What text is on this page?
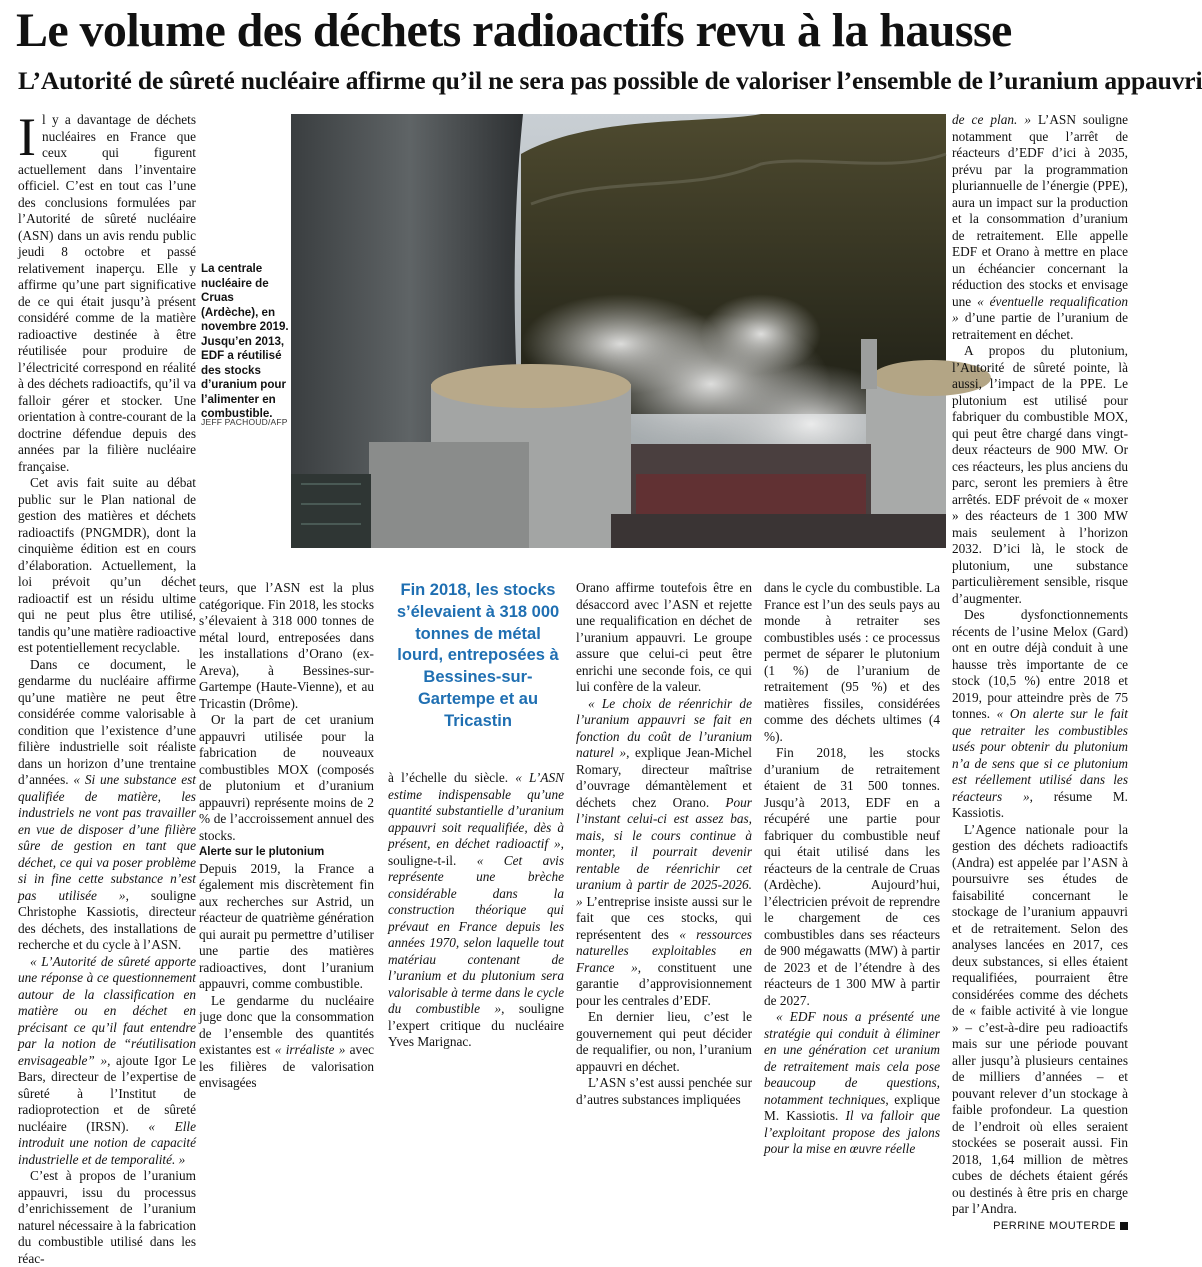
Le volume des déchets radioactifs revu à la hausse
L’Autorité de sûreté nucléaire affirme qu’il ne sera pas possible de valoriser l’ensemble de l’uranium appauvri

Il y a davantage de déchets nucléaires en France que ceux qui figurent actuellement dans l’inventaire officiel. C’est en tout cas l’une des conclusions formulées par l’Autorité de sûreté nucléaire (ASN) dans un avis rendu public jeudi 8 octobre et passé relativement inaperçu. Elle y affirme qu’une part significative de ce qui était jusqu’à présent considéré comme de la matière radioactive destinée à être réutilisée pour produire de l’électricité correspond en réalité à des déchets radioactifs, qu’il va falloir gérer et stocker. Une orientation à contre-courant de la doctrine défendue depuis des années par la filière nucléaire française.

Cet avis fait suite au débat public sur le Plan national de gestion des matières et déchets radioactifs (PNGMDR), dont la cinquième édition est en cours d’élaboration. Actuellement, la loi prévoit qu’un déchet radioactif est un résidu ultime qui ne peut plus être utilisé, tandis qu’une matière radioactive est potentiellement recyclable.

Dans ce document, le gendarme du nucléaire affirme qu’une matière ne peut être considérée comme valorisable à condition que l’existence d’une filière industrielle soit réaliste dans un horizon d’une trentaine d’années. « Si une substance est qualifiée de matière, les industriels ne vont pas travailler en vue de disposer d’une filière sûre de gestion en tant que déchet, ce qui va poser problème si in fine cette substance n’est pas utilisée », souligne Christophe Kassiotis, directeur des déchets, des installations de recherche et du cycle à l’ASN.

« L’Autorité de sûreté apporte une réponse à ce questionnement autour de la classification en matière ou en déchet en précisant ce qu’il faut entendre par la notion de “réutilisation envisageable” », ajoute Igor Le Bars, directeur de l’expertise de sûreté à l’Institut de radioprotection et de sûreté nucléaire (IRSN). « Elle introduit une notion de capacité industrielle et de temporalité. »

C’est à propos de l’uranium appauvri, issu du processus d’enrichissement de l’uranium naturel nécessaire à la fabrication du combustible utilisé dans les réac-

La centrale nucléaire de Cruas (Ardèche), en novembre 2019. Jusqu’en 2013, EDF a réutilisé des stocks d’uranium pour l’alimenter en combustible.
JEFF PACHOUD/AFP

teurs, que l’ASN est la plus catégorique. Fin 2018, les stocks s’élevaient à 318 000 tonnes de métal lourd, entreposées dans les installations d’Orano (ex-Areva), à Bessines-sur-Gartempe (Haute-Vienne), et au Tricastin (Drôme).

Or la part de cet uranium appauvri utilisée pour la fabrication de nouveaux combustibles MOX (composés de plutonium et d’uranium appauvri) représente moins de 2 % de l’accroissement annuel des stocks.

Alerte sur le plutonium

Depuis 2019, la France a également mis discrètement fin aux recherches sur Astrid, un réacteur de quatrième génération qui aurait pu permettre d’utiliser une partie des matières radioactives, dont l’uranium appauvri, comme combustible.

Le gendarme du nucléaire juge donc que la consommation de l’ensemble des quantités existantes est « irréaliste » avec les filières de valorisation envisagées

Fin 2018, les stocks s’élevaient à 318 000 tonnes de métal lourd, entreposées à Bessines-sur-Gartempe et au Tricastin

à l’échelle du siècle. « L’ASN estime indispensable qu’une quantité substantielle d’uranium appauvri soit requalifiée, dès à présent, en déchet radioactif », souligne-t-il. « Cet avis représente une brèche considérable dans la construction théorique qui prévaut en France depuis les années 1970, selon laquelle tout matériau contenant de l’uranium et du plutonium sera valorisable à terme dans le cycle du combustible », souligne l’expert critique du nucléaire Yves Marignac.

Orano affirme toutefois être en désaccord avec l’ASN et rejette une requalification en déchet de l’uranium appauvri. Le groupe assure que celui-ci peut être enrichi une seconde fois, ce qui lui confère de la valeur.

« Le choix de réenrichir de l’uranium appauvri se fait en fonction du coût de l’uranium naturel », explique Jean-Michel Romary, directeur maîtrise d’ouvrage démantèlement et déchets chez Orano. Pour l’instant celui-ci est assez bas, mais, si le cours continue à monter, il pourrait devenir rentable de réenrichir cet uranium à partir de 2025-2026. » L’entreprise insiste aussi sur le fait que ces stocks, qui représentent des « ressources naturelles exploitables en France », constituent une garantie d’approvisionnement pour les centrales d’EDF.

En dernier lieu, c’est le gouvernement qui peut décider de requalifier, ou non, l’uranium appauvri en déchet.

L’ASN s’est aussi penchée sur d’autres substances impliquées

dans le cycle du combustible. La France est l’un des seuls pays au monde à retraiter ses combustibles usés : ce processus permet de séparer le plutonium (1 %) de l’uranium de retraitement (95 %) et des matières fissiles, considérées comme des déchets ultimes (4 %).

Fin 2018, les stocks d’uranium de retraitement étaient de 31 500 tonnes. Jusqu’à 2013, EDF en a récupéré une partie pour fabriquer du combustible neuf qui était utilisé dans les réacteurs de la centrale de Cruas (Ardèche). Aujourd’hui, l’électricien prévoit de reprendre le chargement de ces combustibles dans ses réacteurs de 900 mégawatts (MW) à partir de 2023 et de l’étendre à des réacteurs de 1 300 MW à partir de 2027.

« EDF nous a présenté une stratégie qui conduit à éliminer en une génération cet uranium de retraitement mais cela pose beaucoup de questions, notamment techniques, explique M. Kassiotis. Il va falloir que l’exploitant propose des jalons pour la mise en œuvre réelle

de ce plan. » L’ASN souligne notamment que l’arrêt de réacteurs d’EDF d’ici à 2035, prévu par la programmation pluriannuelle de l’énergie (PPE), aura un impact sur la production et la consommation d’uranium de retraitement. Elle appelle EDF et Orano à mettre en place un échéancier concernant la réduction des stocks et envisage une « éventuelle requalification » d’une partie de l’uranium de retraitement en déchet.

A propos du plutonium, l’Autorité de sûreté pointe, là aussi, l’impact de la PPE. Le plutonium est utilisé pour fabriquer du combustible MOX, qui peut être chargé dans vingt-deux réacteurs de 900 MW. Or ces réacteurs, les plus anciens du parc, seront les premiers à être arrêtés. EDF prévoit de « moxer » des réacteurs de 1 300 MW mais seulement à l’horizon 2032. D’ici là, le stock de plutonium, une substance particulièrement sensible, risque d’augmenter.

Des dysfonctionnements récents de l’usine Melox (Gard) ont en outre déjà conduit à une hausse très importante de ce stock (10,5 %) entre 2018 et 2019, pour atteindre près de 75 tonnes. « On alerte sur le fait que retraiter les combustibles usés pour obtenir du plutonium n’a de sens que si ce plutonium est réellement utilisé dans les réacteurs », résume M. Kassiotis.

L’Agence nationale pour la gestion des déchets radioactifs (Andra) est appelée par l’ASN à poursuivre ses études de faisabilité concernant le stockage de l’uranium appauvri et de retraitement. Selon des analyses lancées en 2017, ces deux substances, si elles étaient requalifiées, pourraient être considérées comme des déchets de « faible activité à vie longue » – c’est-à-dire peu radioactifs mais sur une période pouvant aller jusqu’à plusieurs centaines de milliers d’années – et pouvant relever d’un stockage à faible profondeur. La question de l’endroit où elles seraient stockées se poserait aussi. Fin 2018, 1,64 million de mètres cubes de déchets étaient gérés ou destinés à être pris en charge par l’Andra.

PERRINE MOUTERDE
